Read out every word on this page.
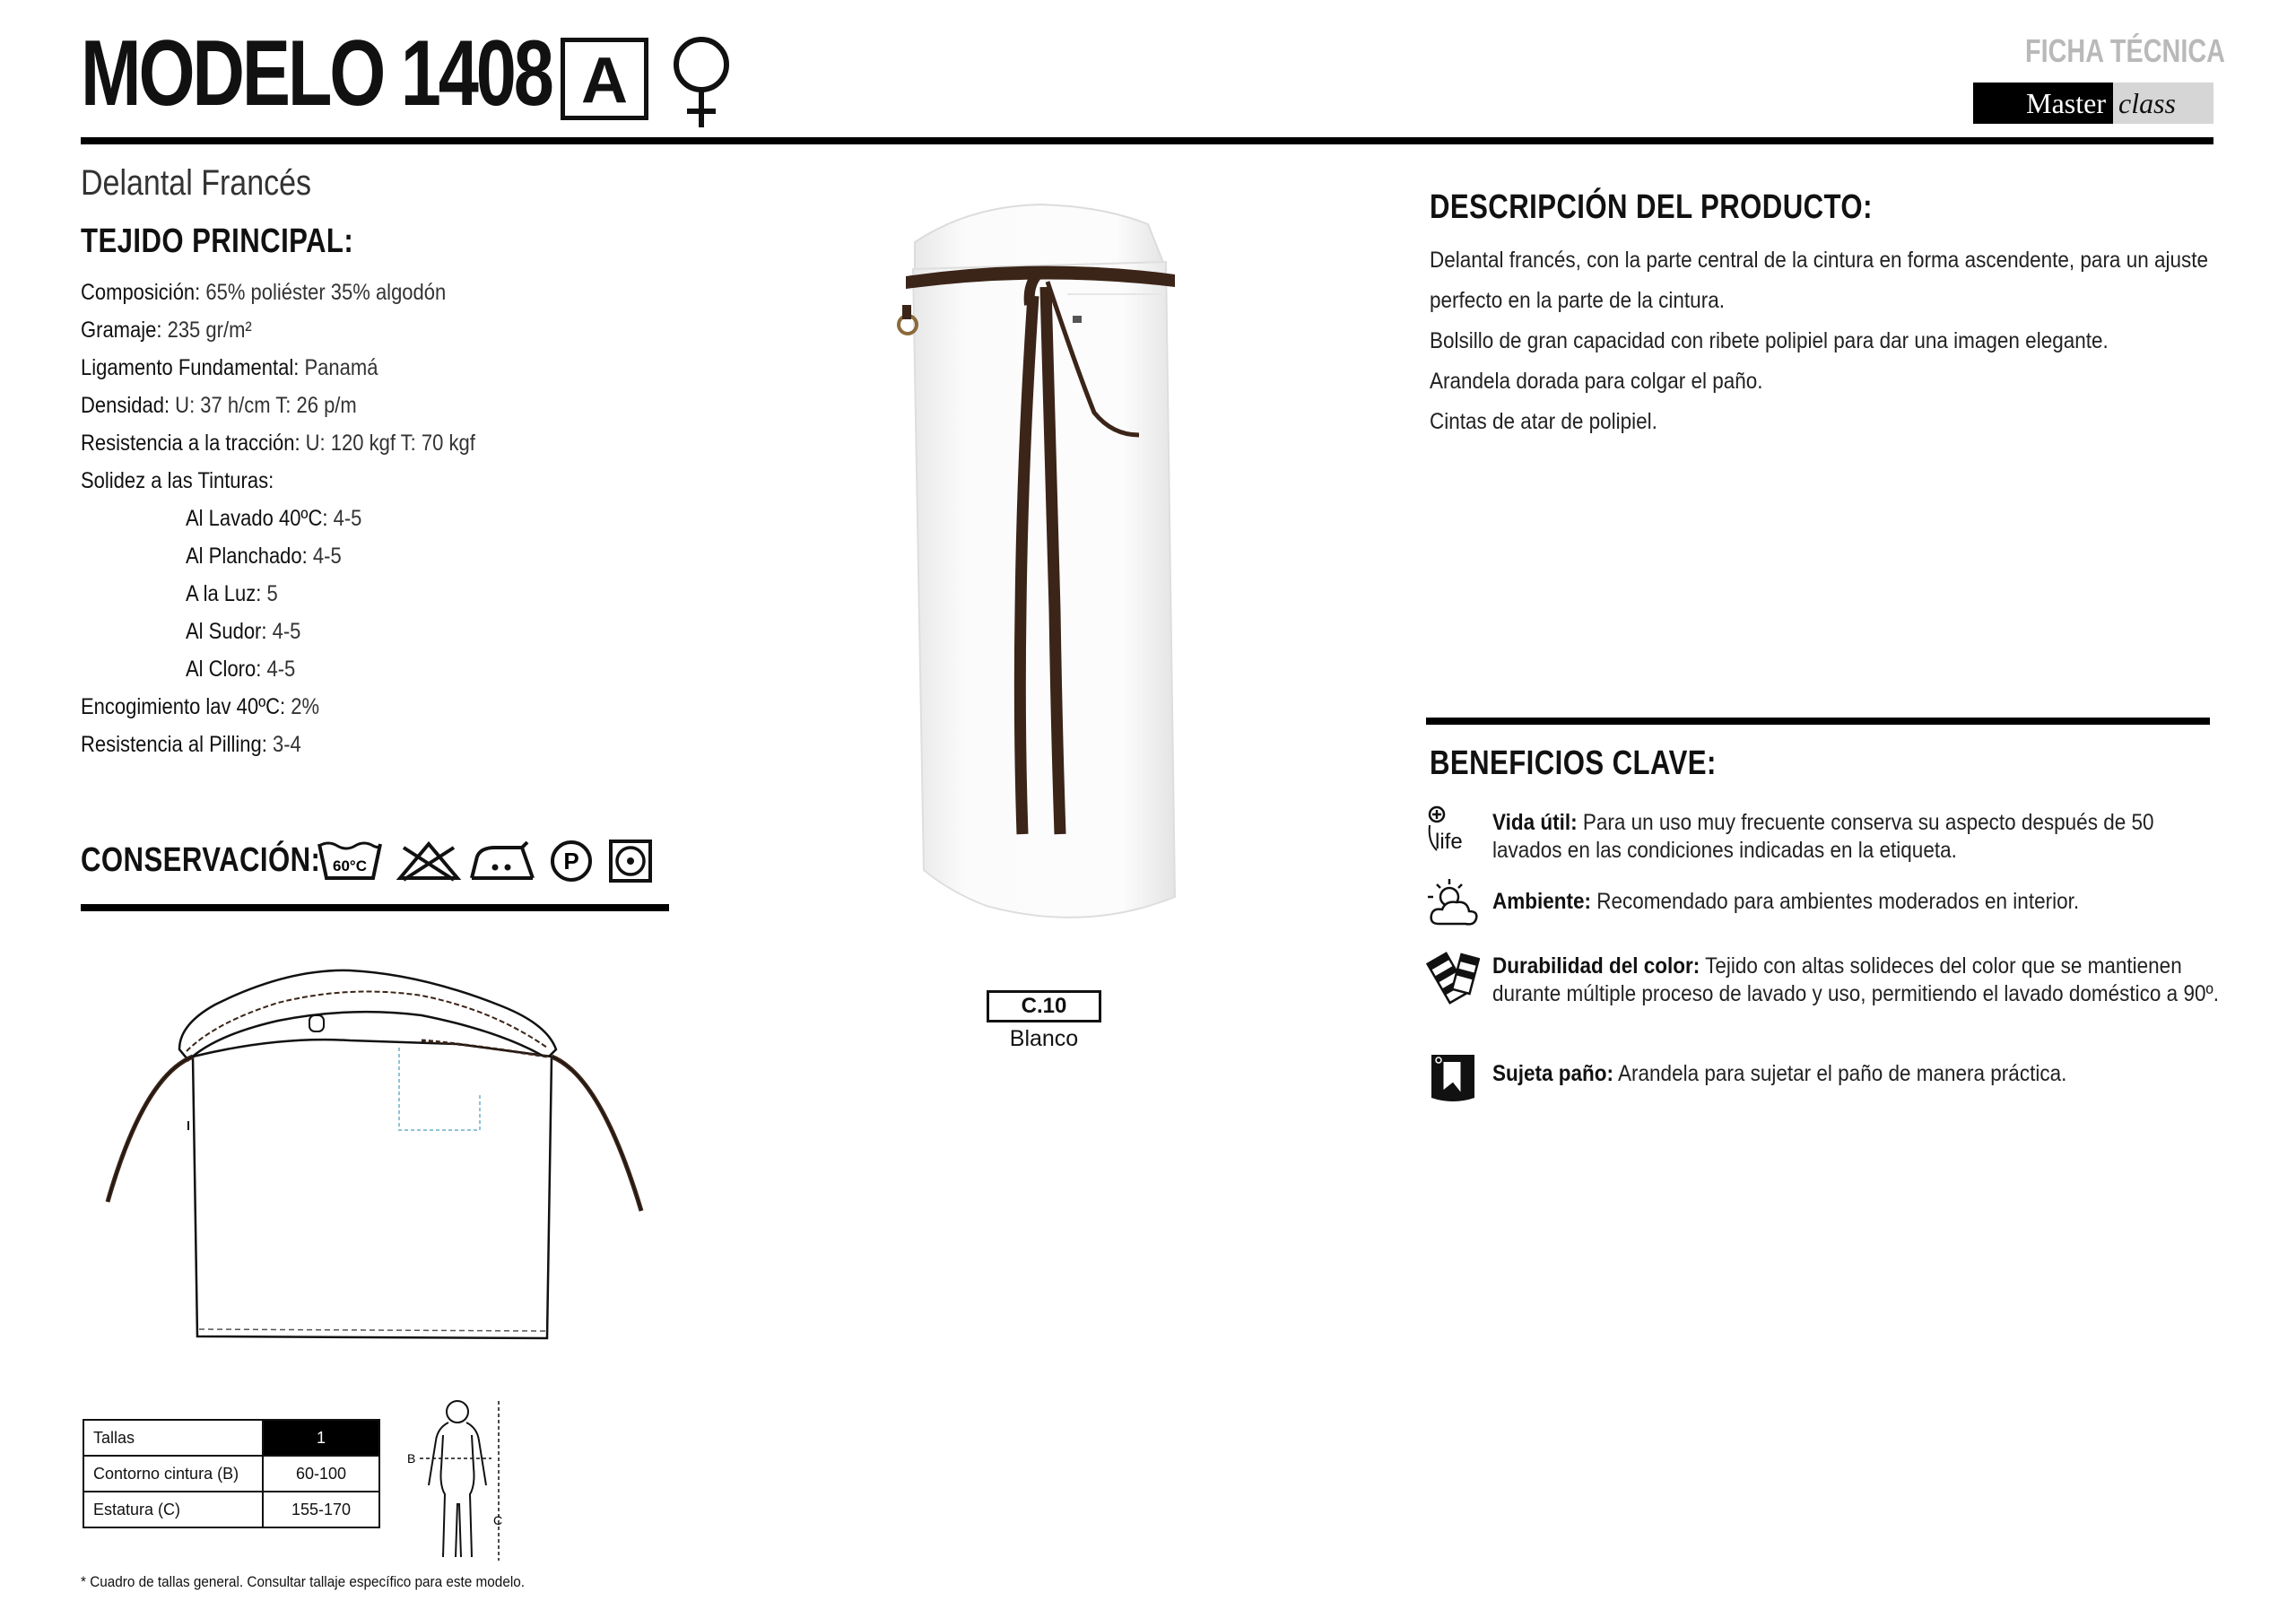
MODELO 1408 A	FICHA TÉCNICA
Master class
Delantal Francés
TEJIDO PRINCIPAL:
Composición: 65% poliéster 35% algodón
Gramaje: 235 gr/m²
Ligamento Fundamental: Panamá
Densidad: U: 37 h/cm T: 26 p/m
Resistencia a la tracción: U: 120 kgf T: 70 kgf
Solidez a las Tinturas:
Al Lavado 40ºC: 4-5
Al Planchado: 4-5
A la Luz: 5
Al Sudor: 4-5
Al Cloro: 4-5
Encogimiento lav 40ºC: 2%
Resistencia al Pilling: 3-4
CONSERVACIÓN: 60°C	P
Tallas	1
Contorno cintura (B)	60-100
Estatura (C)	155-170
B
C
* Cuadro de tallas general. Consultar tallaje específico para este modelo.
C.10
Blanco
DESCRIPCIÓN DEL PRODUCTO:
Delantal francés, con la parte central de la cintura en forma ascendente, para un ajuste
perfecto en la parte de la cintura.
Bolsillo de gran capacidad con ribete polipiel para dar una imagen elegante.
Arandela dorada para colgar el paño.
Cintas de atar de polipiel.
BENEFICIOS CLAVE:
life
Vida útil: Para un uso muy frecuente conserva su aspecto después de 50 lavados en las condiciones indicadas en la etiqueta.
Ambiente: Recomendado para ambientes moderados en interior.
Durabilidad del color: Tejido con altas solideces del color que se mantienen durante múltiple proceso de lavado y uso, permitiendo el lavado doméstico a 90º.
Sujeta paño: Arandela para sujetar el paño de manera práctica.
